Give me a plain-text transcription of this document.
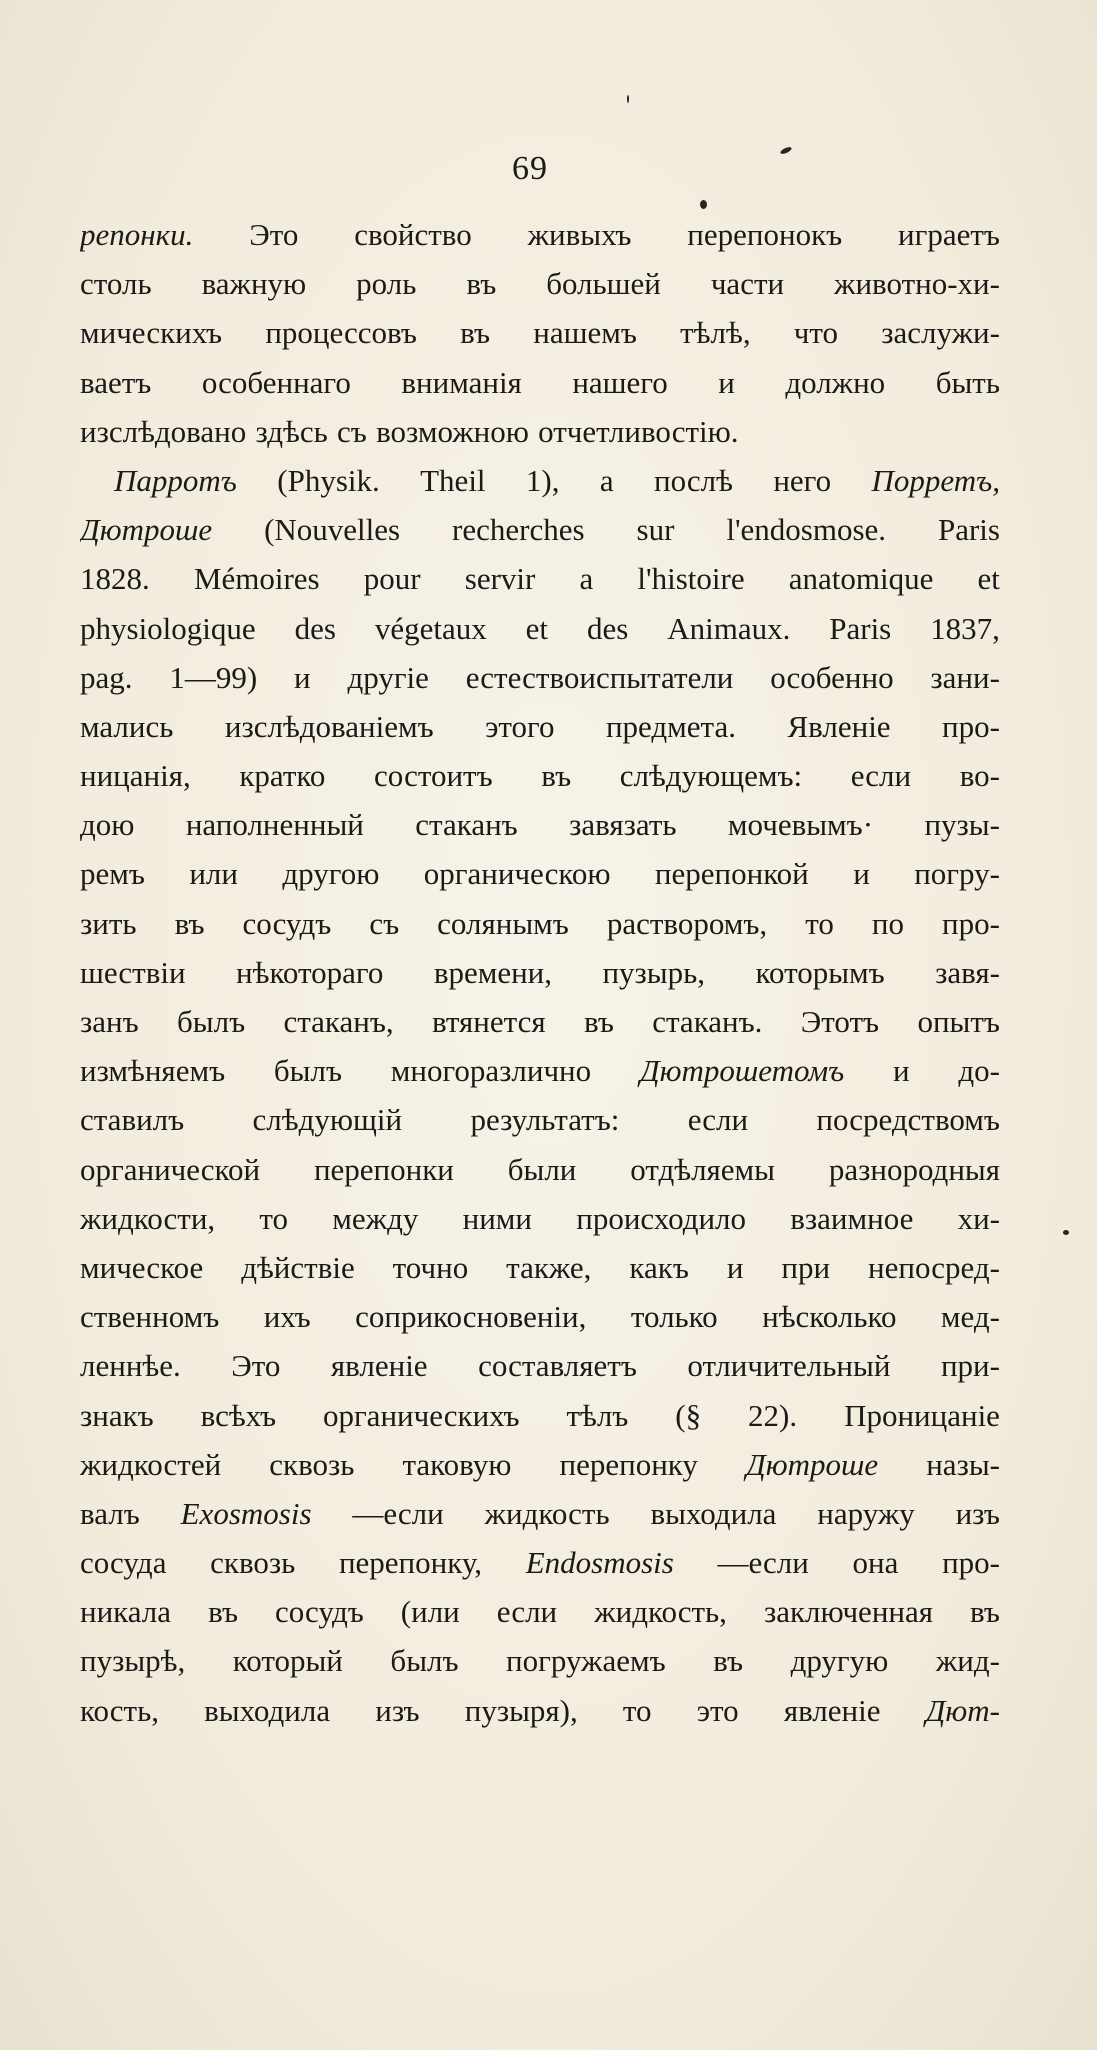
69
репонки. Это свойство живыхъ перепонокъ играетъ
столь важную роль въ большей части животно-хи-
мическихъ процессовъ въ нашемъ тѣлѣ, что заслужи-
ваетъ особеннаго вниманія нашего и должно быть
изслѣдовано здѣсь съ возможною отчетливостію.
Парротъ (Physik. Theil 1), а послѣ него Порретъ,
Дютроше (Nouvelles recherches sur l'endosmose. Paris
1828. Mémoires pour servir a l'histoire anatomique et
physiologique des végetaux et des Animaux. Paris 1837,
pag. 1—99) и другіе естествоиспытатели особенно зани-
мались изслѣдованіемъ этого предмета. Явленіе про-
ницанія, кратко состоитъ въ слѣдующемъ: если во-
дою наполненный стаканъ завязать мочевымъ· пузы-
ремъ или другою органическою перепонкой и погру-
зить въ сосудъ съ солянымъ растворомъ, то по про-
шествіи нѣкотораго времени, пузырь, которымъ завя-
занъ былъ стаканъ, втянется въ стаканъ. Этотъ опытъ
измѣняемъ былъ многоразлично Дютрошетомъ и до-
ставилъ слѣдующій результатъ: если посредствомъ
органической перепонки были отдѣляемы разнородныя
жидкости, то между ними происходило взаимное хи-
мическое дѣйствіе точно также, какъ и при непосред-
ственномъ ихъ соприкосновеніи, только нѣсколько мед-
леннѣе. Это явленіе составляетъ отличительный при-
знакъ всѣхъ органическихъ тѣлъ (§ 22). Проницаніе
жидкостей сквозь таковую перепонку Дютроше назы-
валъ Exosmosis —если жидкость выходила наружу изъ
сосуда сквозь перепонку, Endosmosis —если она про-
никала въ сосудъ (или если жидкость, заключенная въ
пузырѣ, который былъ погружаемъ въ другую жид-
кость, выходила изъ пузыря), то это явленіе Дют-
